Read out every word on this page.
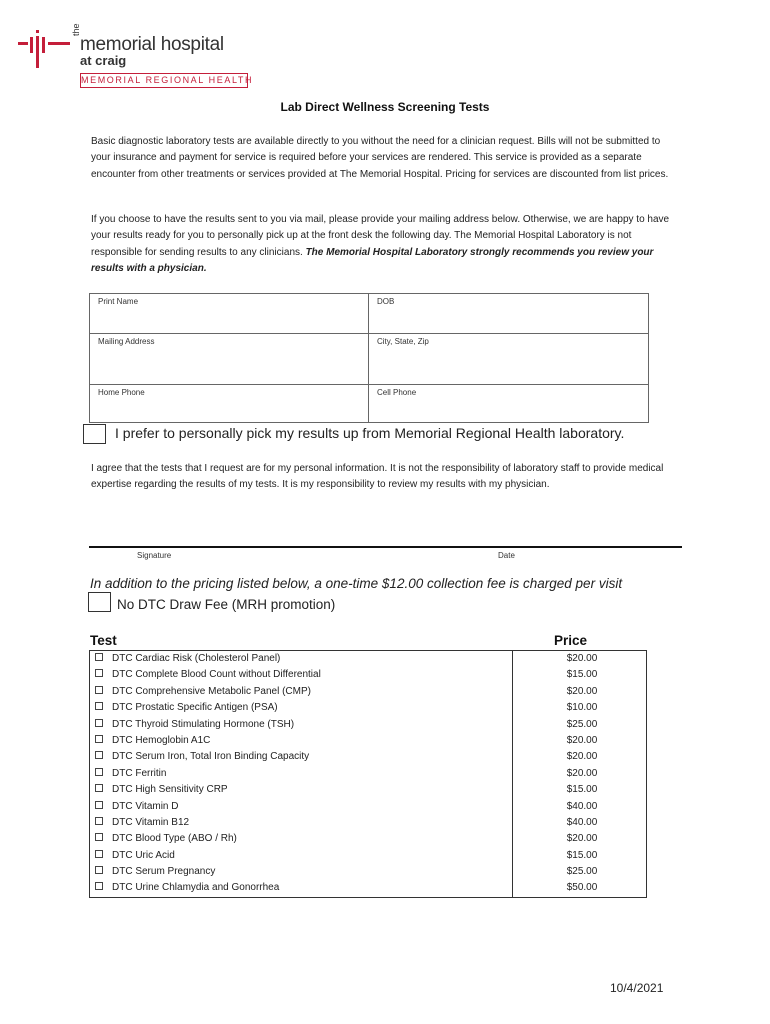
the
memorial hospital
at craig
MEMORIAL REGIONAL HEALTH
Lab Direct Wellness Screening Tests
Basic diagnostic laboratory tests are available directly to you without the need for a clinician request. Bills will not be submitted to your insurance and payment for service is required before your services are rendered. This service is provided as a separate encounter from other treatments or services provided at The Memorial Hospital. Pricing for services are discounted from list prices.
If you choose to have the results sent to you via mail, please provide your mailing address below. Otherwise, we are happy to have your results ready for you to personally pick up at the front desk the following day. The Memorial Hospital Laboratory is not responsible for sending results to any clinicians. The Memorial Hospital Laboratory strongly recommends you review your results with a physician.
Print Name	DOB
Mailing Address	City, State, Zip
Home Phone	Cell Phone
I prefer to personally pick my results up from Memorial Regional Health laboratory.
I agree that the tests that I request are for my personal information. It is not the responsibility of laboratory staff to provide medical expertise regarding the results of my tests. It is my responsibility to review my results with my physician.
Signature	Date
In addition to the pricing listed below, a one-time $12.00 collection fee is charged per visit
No DTC Draw Fee (MRH promotion)
Test	Price
DTC Cardiac Risk (Cholesterol Panel)	$20.00
DTC Complete Blood Count without Differential	$15.00
DTC Comprehensive Metabolic Panel (CMP)	$20.00
DTC Prostatic Specific Antigen (PSA)	$10.00
DTC Thyroid Stimulating Hormone (TSH)	$25.00
DTC Hemoglobin A1C	$20.00
DTC Serum Iron, Total Iron Binding Capacity	$20.00
DTC Ferritin	$20.00
DTC High Sensitivity CRP	$15.00
DTC Vitamin D	$40.00
DTC Vitamin B12	$40.00
DTC Blood Type (ABO / Rh)	$20.00
DTC Uric Acid	$15.00
DTC Serum Pregnancy	$25.00
DTC Urine Chlamydia and Gonorrhea	$50.00
10/4/2021
